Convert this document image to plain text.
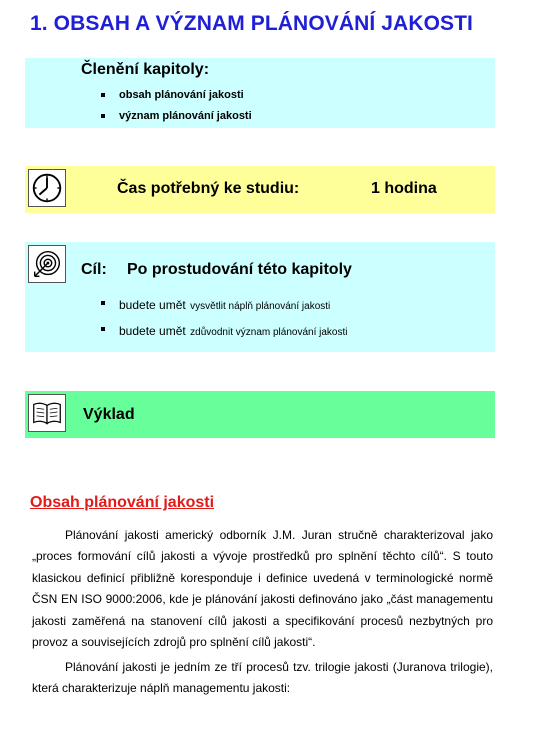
1. OBSAH A VÝZNAM PLÁNOVÁNÍ JAKOSTI

Členění kapitoly:

obsah plánování jakosti
význam plánování jakosti

Čas potřebný ke studiu:	1 hodina

Cíl: Po prostudování této kapitoly

budete umět vysvětlit náplň plánování jakosti
budete umět zdůvodnit význam plánování jakosti

Výklad

Obsah plánování jakosti

Plánování jakosti americký odborník J.M. Juran stručně charakterizoval jako „proces formování cílů jakosti a vývoje prostředků pro splnění těchto cílů“. S touto klasickou definicí přibližně koresponduje i definice uvedená v terminologické normě ČSN EN ISO 9000:2006, kde je plánování jakosti definováno jako „část managementu jakosti zaměřená na stanovení cílů jakosti a specifikování procesů nezbytných pro provoz a souvisejících zdrojů pro splnění cílů jakosti“.

Plánování jakosti je jedním ze tří procesů tzv. trilogie jakosti (Juranova trilogie), která charakterizuje náplň managementu jakosti:
